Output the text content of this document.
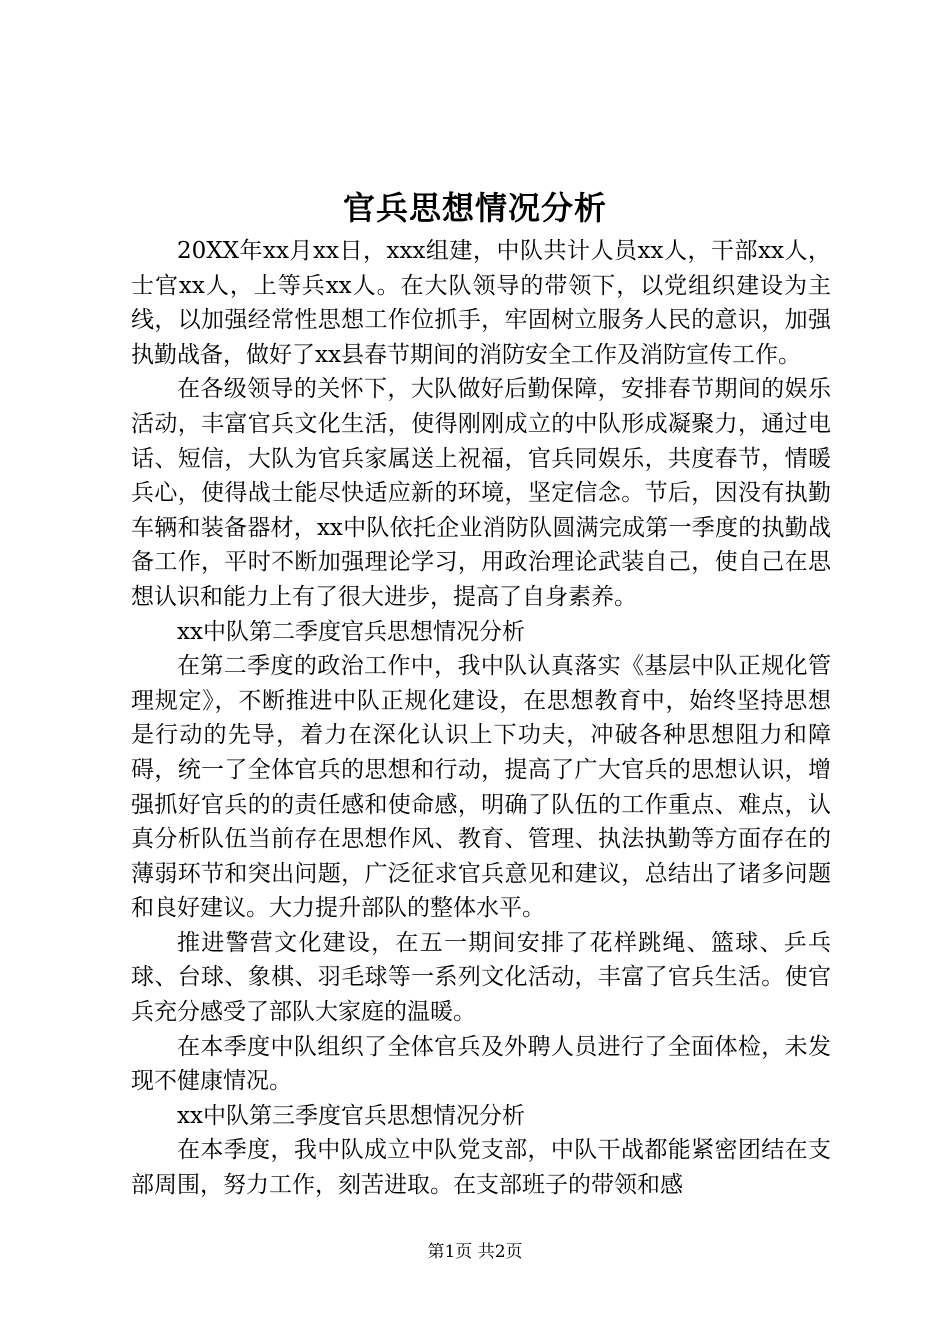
官兵思想情况分析

20XX年xx月xx日，xxx组建，中队共计人员xx人，干部xx人，士官xx人，上等兵xx人。在大队领导的带领下，以党组织建设为主线，以加强经常性思想工作位抓手，牢固树立服务人民的意识，加强执勤战备，做好了xx县春节期间的消防安全工作及消防宣传工作。

在各级领导的关怀下，大队做好后勤保障，安排春节期间的娱乐活动，丰富官兵文化生活，使得刚刚成立的中队形成凝聚力，通过电话、短信，大队为官兵家属送上祝福，官兵同娱乐，共度春节，情暖兵心，使得战士能尽快适应新的环境，坚定信念。节后，因没有执勤车辆和装备器材，xx中队依托企业消防队圆满完成第一季度的执勤战备工作，平时不断加强理论学习，用政治理论武装自己，使自己在思想认识和能力上有了很大进步，提高了自身素养。

xx中队第二季度官兵思想情况分析

在第二季度的政治工作中，我中队认真落实《基层中队正规化管理规定》，不断推进中队正规化建设，在思想教育中，始终坚持思想是行动的先导，着力在深化认识上下功夫，冲破各种思想阻力和障碍，统一了全体官兵的思想和行动，提高了广大官兵的思想认识，增强抓好官兵的的责任感和使命感，明确了队伍的工作重点、难点，认真分析队伍当前存在思想作风、教育、管理、执法执勤等方面存在的薄弱环节和突出问题，广泛征求官兵意见和建议，总结出了诸多问题和良好建议。大力提升部队的整体水平。

推进警营文化建设，在五一期间安排了花样跳绳、篮球、乒乓球、台球、象棋、羽毛球等一系列文化活动，丰富了官兵生活。使官兵充分感受了部队大家庭的温暖。

在本季度中队组织了全体官兵及外聘人员进行了全面体检，未发现不健康情况。

xx中队第三季度官兵思想情况分析

在本季度，我中队成立中队党支部，中队干战都能紧密团结在支部周围，努力工作，刻苦进取。在支部班子的带领和感

第1页 共2页
